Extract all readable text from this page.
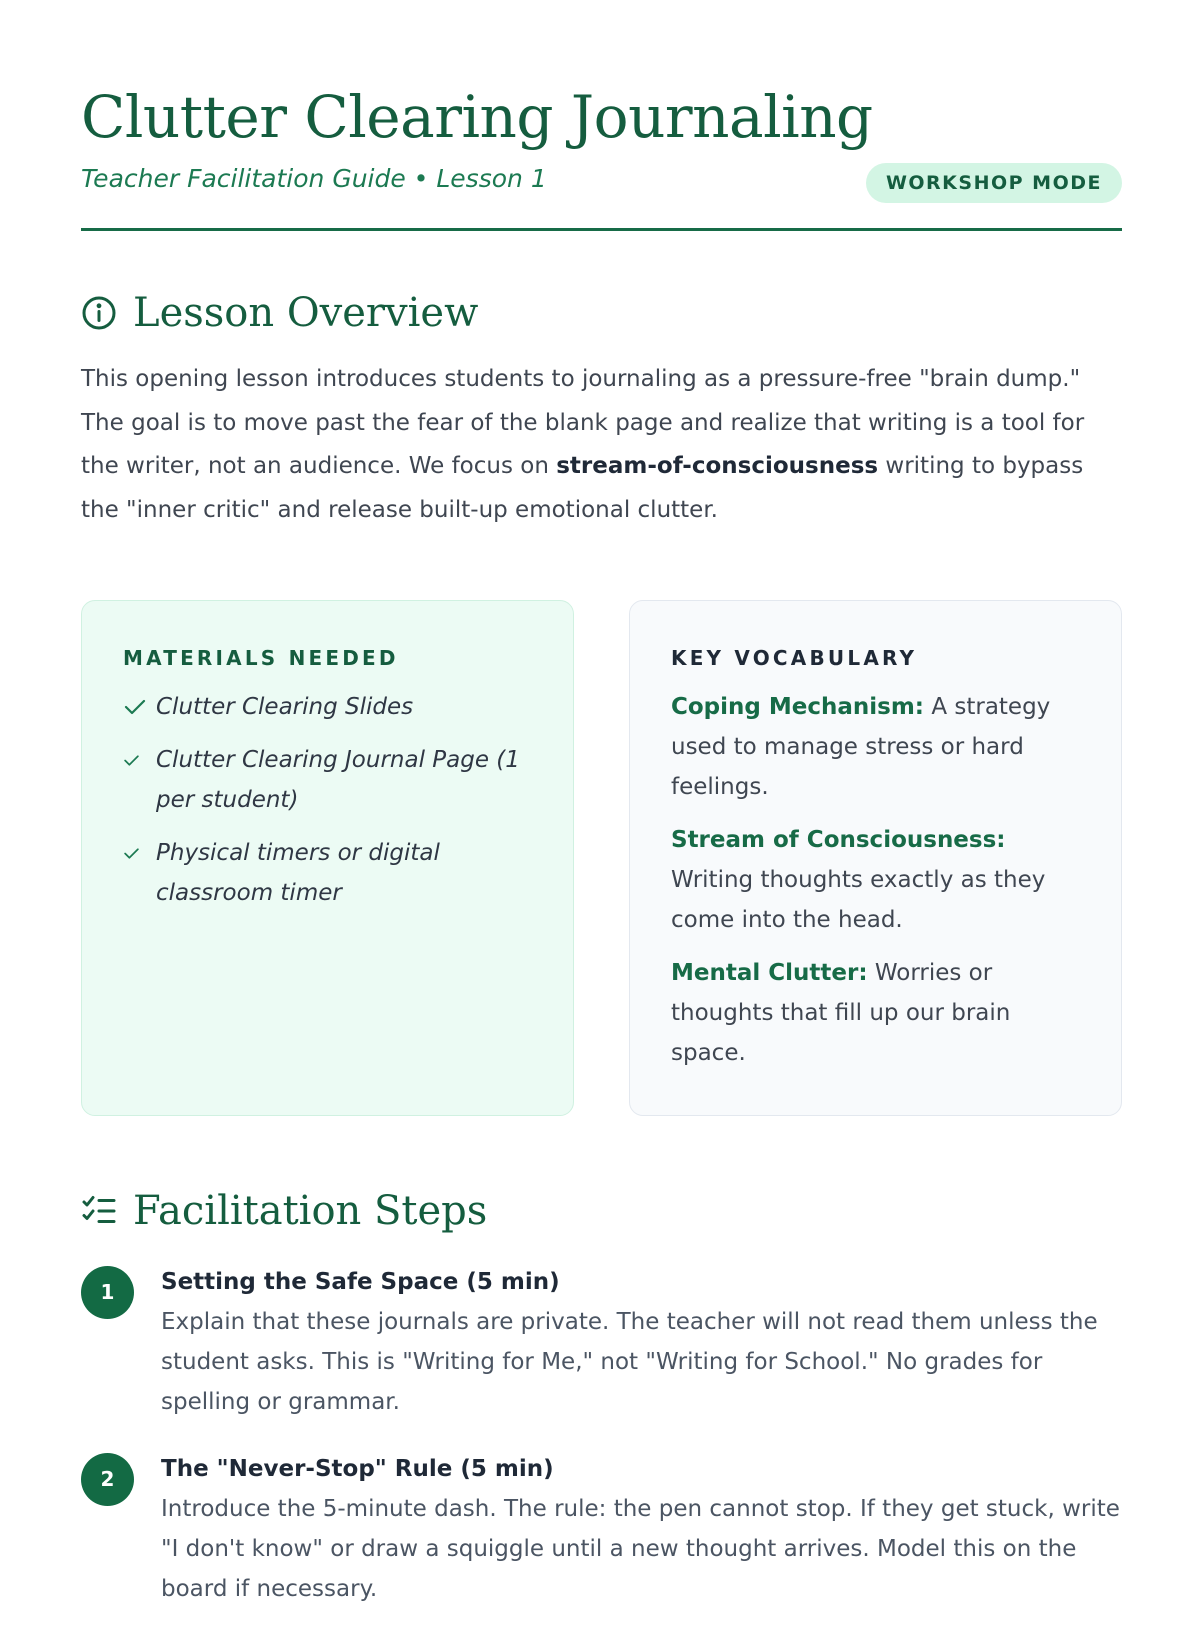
Clutter Clearing Journaling
Teacher Facilitation Guide • Lesson 1	WORKSHOP MODE
Lesson Overview

This opening lesson introduces students to journaling as a pressure-free "brain dump." The goal is to move past the fear of the blank page and realize that writing is a tool for the writer, not an audience. We focus on stream-of-consciousness writing to bypass the "inner critic" and release built-up emotional clutter.

MATERIALS NEEDED
Clutter Clearing Slides
Clutter Clearing Journal Page (1 per student)
Physical timers or digital classroom timer
KEY VOCABULARY

Coping Mechanism: A strategy used to manage stress or hard feelings.

Stream of Consciousness: Writing thoughts exactly as they come into the head.

Mental Clutter: Worries or thoughts that fill up our brain space.

Facilitation Steps
1	Setting the Safe Space (5 min)
Explain that these journals are private. The teacher will not read them unless the student asks. This is "Writing for Me," not "Writing for School." No grades for spelling or grammar.
2	The "Never-Stop" Rule (5 min)
Introduce the 5-minute dash. The rule: the pen cannot stop. If they get stuck, write "I don't know" or draw a squiggle until a new thought arrives. Model this on the board if necessary.
